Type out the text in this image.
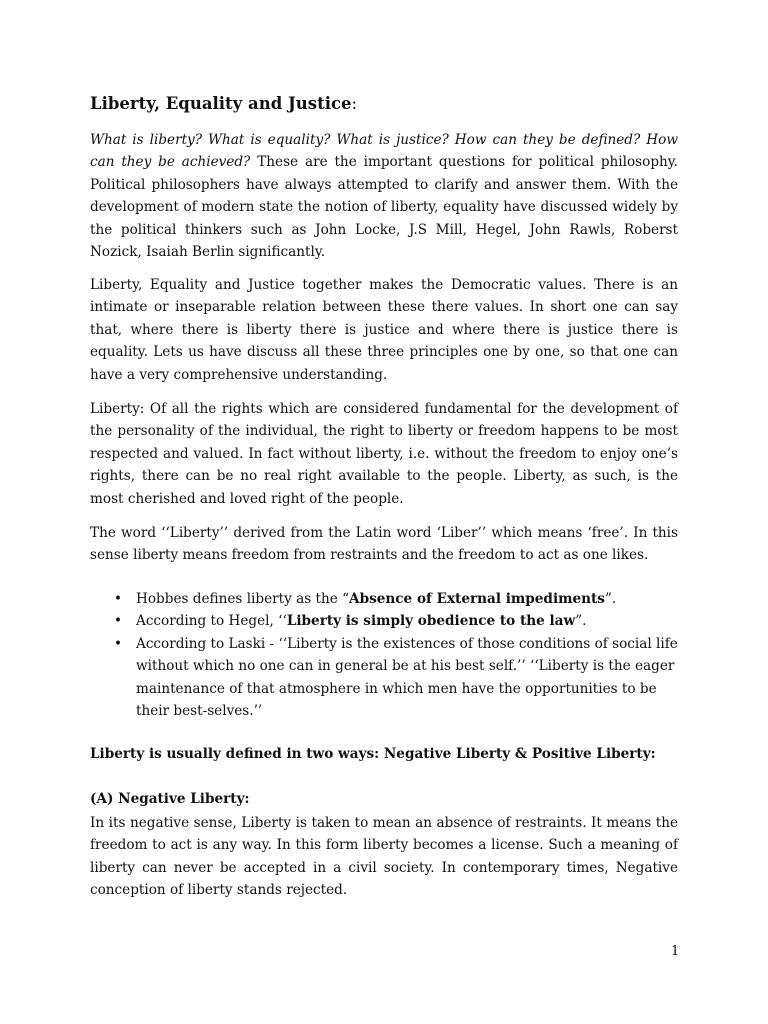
Liberty, Equality and Justice:
What is liberty? What is equality? What is justice? How can they be defined? How can they be achieved? These are the important questions for political philosophy. Political philosophers have always attempted to clarify and answer them. With the development of modern state the notion of liberty, equality have discussed widely by the political thinkers such as John Locke, J.S Mill, Hegel, John Rawls, Roberst Nozick, Isaiah Berlin significantly.
Liberty, Equality and Justice together makes the Democratic values. There is an intimate or inseparable relation between these there values. In short one can say that, where there is liberty there is justice and where there is justice there is equality. Lets us have discuss all these three principles one by one, so that one can have a very comprehensive understanding.
Liberty: Of all the rights which are considered fundamental for the development of the personality of the individual, the right to liberty or freedom happens to be most respected and valued. In fact without liberty, i.e. without the freedom to enjoy one’s rights, there can be no real right available to the people. Liberty, as such, is the most cherished and loved right of the people.
The word ‘‘Liberty’’ derived from the Latin word ‘Liber’’ which means ‘free’. In this sense liberty means freedom from restraints and the freedom to act as one likes.
• Hobbes defines liberty as the “Absence of External impediments”.
• According to Hegel, ‘‘Liberty is simply obedience to the law”.
• According to Laski - ‘‘Liberty is the existences of those conditions of social life without which no one can in general be at his best self.’’ ‘‘Liberty is the eager maintenance of that atmosphere in which men have the opportunities to be their best-selves.’’
Liberty is usually defined in two ways: Negative Liberty & Positive Liberty:
(A) Negative Liberty:
In its negative sense, Liberty is taken to mean an absence of restraints. It means the freedom to act is any way. In this form liberty becomes a license. Such a meaning of liberty can never be accepted in a civil society. In contemporary times, Negative conception of liberty stands rejected.
1
